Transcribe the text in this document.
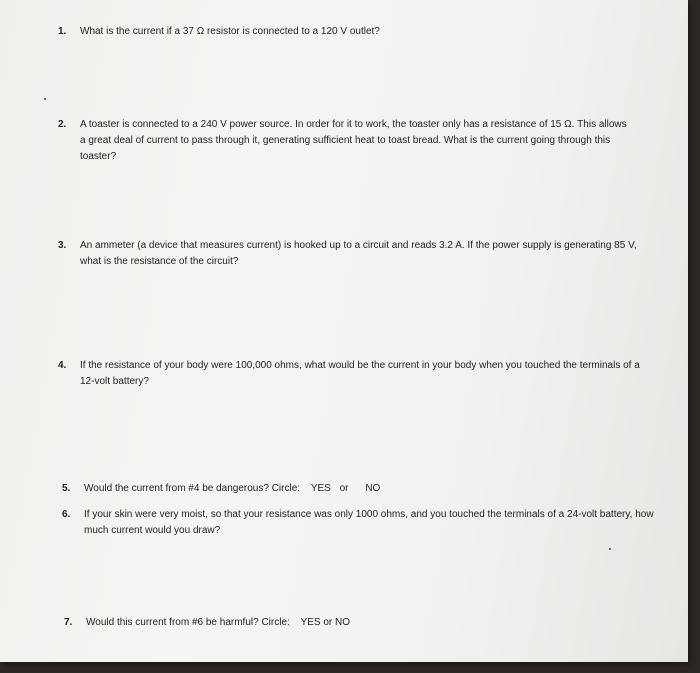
1. What is the current if a 37 Ω resistor is connected to a 120 V outlet?
2. A toaster is connected to a 240 V power source. In order for it to work, the toaster only has a resistance of 15 Ω. This allows a great deal of current to pass through it, generating sufficient heat to toast bread. What is the current going through this toaster?
3. An ammeter (a device that measures current) is hooked up to a circuit and reads 3.2 A. If the power supply is generating 85 V, what is the resistance of the circuit?
4. If the resistance of your body were 100,000 ohms, what would be the current in your body when you touched the terminals of a 12-volt battery?
5. Would the current from #4 be dangerous? Circle: YES or NO
6. If your skin were very moist, so that your resistance was only 1000 ohms, and you touched the terminals of a 24-volt battery, how much current would you draw?
7. Would this current from #6 be harmful? Circle: YES or NO
